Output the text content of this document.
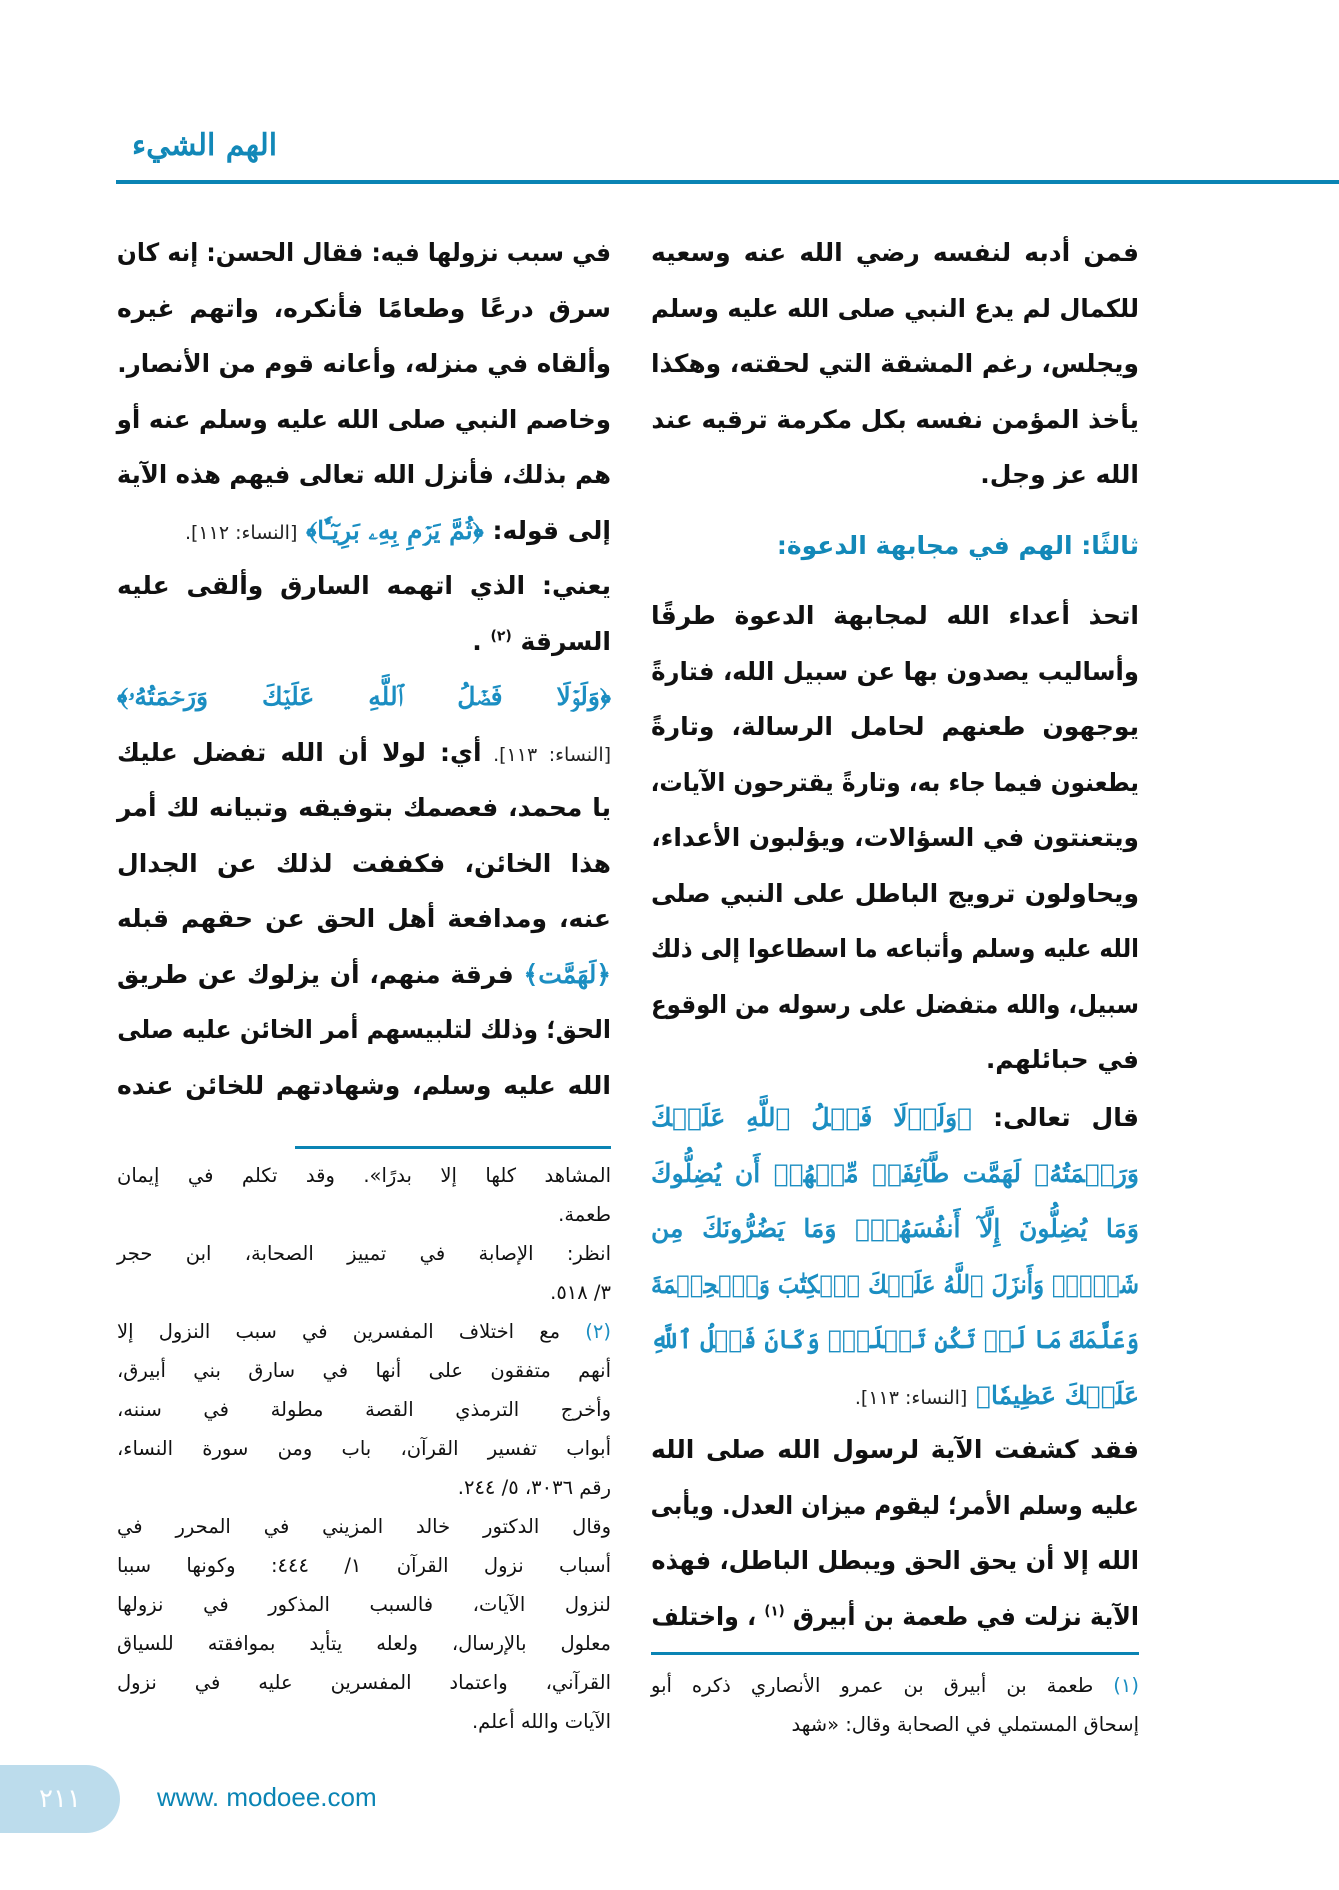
الهم الشيء
فمن أدبه لنفسه رضي الله عنه وسعيه
للكمال لم يدع النبي صلى الله عليه وسلم
ويجلس، رغم المشقة التي لحقته، وهكذا
يأخذ المؤمن نفسه بكل مكرمة ترقيه عند
الله عز وجل.
ثالثًا: الهم في مجابهة الدعوة:
اتحذ أعداء الله لمجابهة الدعوة طرقًا
وأساليب يصدون بها عن سبيل الله، فتارةً
يوجهون طعنهم لحامل الرسالة، وتارةً
يطعنون فيما جاء به، وتارةً يقترحون الآيات،
ويتعنتون في السؤالات، ويؤلبون الأعداء،
ويحاولون ترويج الباطل على النبي صلى
الله عليه وسلم وأتباعه ما اسطاعوا إلى ذلك
سبيل، والله متفضل على رسوله من الوقوع
في حبائلهم.
قال تعالى: ﴿وَلَوۡلَا فَضۡلُ ٱللَّهِ عَلَيۡكَ
وَرَحۡمَتُهُۥ لَهَمَّت طَّآئِفَةٞ مِّنۡهُمۡ أَن يُضِلُّوكَ
وَمَا يُضِلُّونَ إِلَّآ أَنفُسَهُمۡۖ وَمَا يَضُرُّونَكَ مِن
شَيۡءٖۚ وَأَنزَلَ ٱللَّهُ عَلَيۡكَ ٱلۡكِتَٰبَ وَٱلۡحِكۡمَةَ
وَعَلَّمَكَ مَا لَمۡ تَكُن تَعۡلَمُۚ وَكَانَ فَضۡلُ ٱللَّهِ
عَلَيۡكَ عَظِيمٗا﴾ [النساء: ١١٣].
فقد كشفت الآية لرسول الله صلى الله
عليه وسلم الأمر؛ ليقوم ميزان العدل. ويأبى
الله إلا أن يحق الحق ويبطل الباطل، فهذه
الآية نزلت في طعمة بن أبيرق $^{(١)}$ ، واختلف
(١) طعمة بن أبيرق بن عمرو الأنصاري ذكره أبو
إسحاق المستملي في الصحابة وقال: «شهد
في سبب نزولها فيه: فقال الحسن: إنه كان
سرق درعًا وطعامًا فأنكره، واتهم غيره
وألقاه في منزله، وأعانه قوم من الأنصار.
وخاصم النبي صلى الله عليه وسلم عنه أو
هم بذلك، فأنزل الله تعالى فيهم هذه الآية
إلى قوله: ﴿ثُمَّ يَرۡمِ بِهِۦ بَرِيٓـٔٗا﴾ [النساء: ١١٢].
يعني: الذي اتهمه السارق وألقى عليه
السرقة $^{(٢)}$ .
﴿وَلَوۡلَا فَضۡلُ ٱللَّهِ عَلَيۡكَ وَرَحۡمَتُهُۥ﴾
[النساء: ١١٣]. أي: لولا أن الله تفضل عليك
يا محمد، فعصمك بتوفيقه وتبيانه لك أمر
هذا الخائن، فكففت لذلك عن الجدال
عنه، ومدافعة أهل الحق عن حقهم قبله
﴿لَهَمَّت﴾ فرقة منهم، أن يزلوك عن طريق
الحق؛ وذلك لتلبيسهم أمر الخائن عليه صلى
الله عليه وسلم، وشهادتهم للخائن عنده
المشاهد كلها إلا بدرًا». وقد تكلم في إيمان
طعمة.
انظر: الإصابة في تمييز الصحابة، ابن حجر
٣/ ٥١٨.
(٢) مع اختلاف المفسرين في سبب النزول إلا
أنهم متفقون على أنها في سارق بني أبيرق،
وأخرج الترمذي القصة مطولة في سننه،
أبواب تفسير القرآن، باب ومن سورة النساء،
رقم ٣٠٣٦، ٥/ ٢٤٤.
وقال الدكتور خالد المزيني في المحرر في
أسباب نزول القرآن ١/ ٤٤٤: وكونها سببا
لنزول الآيات، فالسبب المذكور في نزولها
معلول بالإرسال، ولعله يتأيد بموافقته للسياق
القرآني، واعتماد المفسرين عليه في نزول
الآيات والله أعلم.
٢١١	www. modoee.com
